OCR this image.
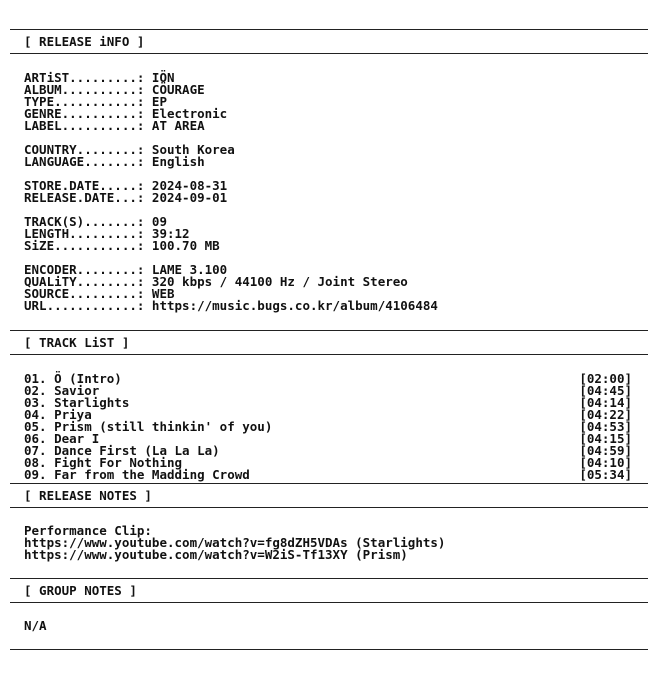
[ RELEASE iNFO ]
ARTiST.........: IÖN
ALBUM..........: CÖURAGE
TYPE...........: EP
GENRE..........: Electronic
LABEL..........: AT AREA
COUNTRY........: South Korea
LANGUAGE.......: English
STORE.DATE.....: 2024-08-31
RELEASE.DATE...: 2024-09-01
TRACK(S).......: 09
LENGTH.........: 39:12
SiZE...........: 100.70 MB
ENCODER........: LAME 3.100
QUALiTY........: 320 kbps / 44100 Hz / Joint Stereo
SOURCE.........: WEB
URL............: https://music.bugs.co.kr/album/4106484
[ TRACK LiST ]
01. Ö (Intro)	[02:00]
02. Savior	[04:45]
03. Starlights	[04:14]
04. Priya	[04:22]
05. Prism (still thinkin' of you)	[04:53]
06. Dear I	[04:15]
07. Dance First (La La La)	[04:59]
08. Fight For Nothing	[04:10]
09. Far from the Madding Crowd	[05:34]
[ RELEASE NOTES ]
Performance Clip:
https://www.youtube.com/watch?v=fg8dZH5VDAs (Starlights)
https://www.youtube.com/watch?v=W2iS-Tf13XY (Prism)
[ GROUP NOTES ]
N/A
